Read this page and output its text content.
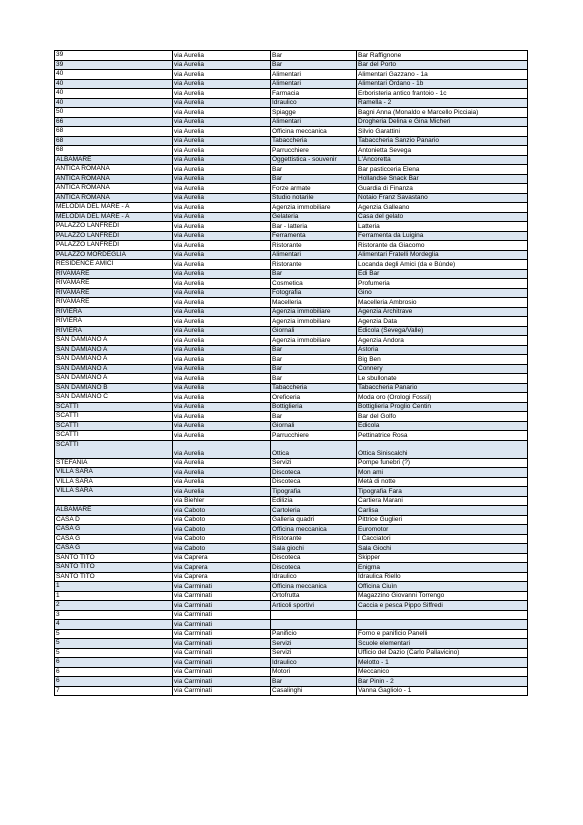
39	via Aurelia	Bar	Bar Raffignone
39	via Aurelia	Bar	Bar del Porto
40	via Aurelia	Alimentari	Alimentari Gazzano - 1a
40	via Aurelia	Alimentari	Alimentari Ordano - 1b
40	via Aurelia	Farmacia	Erboristeria antico frantoio - 1c
40	via Aurelia	Idraulico	Ramella - 2
50	via Aurelia	Spiagge	Bagni Anna (Monaldo e Marcello Picciaia)
66	via Aurelia	Alimentari	Drogheria Delina e Gina Micheri
68	via Aurelia	Officina meccanica	Silvio Garattini
68	via Aurelia	Tabaccheria	Tabaccheria Sanzio Panario
68	via Aurelia	Parrucchiere	Antonietta Sevega
ALBAMARE	via Aurelia	Oggettistica - souvenir	L'Ancoretta
ANTICA ROMANA	via Aurelia	Bar	Bar pasticceria Elena
ANTICA ROMANA	via Aurelia	Bar	Hollandse Snack Bar
ANTICA ROMANA	via Aurelia	Forze armate	Guardia di Finanza
ANTICA ROMANA	via Aurelia	Studio notarile	Notaio Franz Savastano
MELODIA DEL MARE - A	via Aurelia	Agenzia immobiliare	Agenzia Galleano
MELODIA DEL MARE - A	via Aurelia	Gelateria	Casa del gelato
PALAZZO LANFREDI	via Aurelia	Bar - latteria	Latteria
PALAZZO LANFREDI	via Aurelia	Ferramenta	Ferramenta da Luigina
PALAZZO LANFREDI	via Aurelia	Ristorante	Ristorante da Giacomo
PALAZZO MORDEGLIA	via Aurelia	Alimentari	Alimentari Fratelli Mordeglia
RESIDENCE AMICI	via Aurelia	Ristorante	Locanda degli Amici (da e Bùnde)
RIVAMARE	via Aurelia	Bar	Edi Bar
RIVAMARE	via Aurelia	Cosmetica	Profumeria
RIVAMARE	via Aurelia	Fotografia	Gino
RIVAMARE	via Aurelia	Macelleria	Macelleria Ambrosio
RIVIERA	via Aurelia	Agenzia immobiliare	Agenzia Architrave
RIVIERA	via Aurelia	Agenzia immobiliare	Agenzia Data
RIVIERA	via Aurelia	Giornali	Edicola (Sevega/Valle)
SAN DAMIANO A	via Aurelia	Agenzia immobiliare	Agenzia Andora
SAN DAMIANO A	via Aurelia	Bar	Astoria
SAN DAMIANO A	via Aurelia	Bar	Big Ben
SAN DAMIANO A	via Aurelia	Bar	Connery
SAN DAMIANO A	via Aurelia	Bar	Le sbullonate
SAN DAMIANO B	via Aurelia	Tabaccheria	Tabaccheria Panario
SAN DAMIANO C	via Aurelia	Oreficeria	Moda oro (Orologi Fossil)
SCATTI	via Aurelia	Bottiglieria	Bottiglieria Proglio Centin
SCATTI	via Aurelia	Bar	Bar del Golfo
SCATTI	via Aurelia	Giornali	Edicola
SCATTI	via Aurelia	Parrucchiere	Pettinatrice Rosa
SCATTI	via Aurelia	Ottica	Ottica Siniscalchi
STEFANIA	via Aurelia	Servizi	Pompe funebri (?)
VILLA SARA	via Aurelia	Discoteca	Mon ami
VILLA SARA	via Aurelia	Discoteca	Metà di notte
VILLA SARA	via Aurelia	Tipografia	Tipografia Fara
	via Biehler	Edilizia	Cartiera Marani
ALBAMARE	via Caboto	Cartoleria	Carlisa
CASA D	via Caboto	Galleria quadri	Pittrice Guglieri
CASA G	via Caboto	Officina meccanica	Euromotor
CASA G	via Caboto	Ristorante	I Cacciatori
CASA G	via Caboto	Sala giochi	Sala Giochi
SANTO TITO	via Caprera	Discoteca	Skipper
SANTO TITO	via Caprera	Discoteca	Enigma
SANTO TITO	via Caprera	Idraulico	Idraulica Riello
1	via Carminati	Officina meccanica	Officina Ciuìn
1	via Carminati	Ortofrutta	Magazzino Giovanni Torrengo
2	via Carminati	Articoli sportivi	Caccia e pesca Pippo Siffredi
3	via Carminati		
4	via Carminati		
5	via Carminati	Panificio	Forno e panificio Panelli
5	via Carminati	Servizi	Scuole elementari
5	via Carminati	Servizi	Ufficio del Dazio (Carlo Pallavicino)
6	via Carminati	Idraulico	Melotto - 1
6	via Carminati	Motori	Meccanico
6	via Carminati	Bar	Bar Pinin - 2
7	via Carminati	Casalinghi	Vanna Gagliolo - 1
